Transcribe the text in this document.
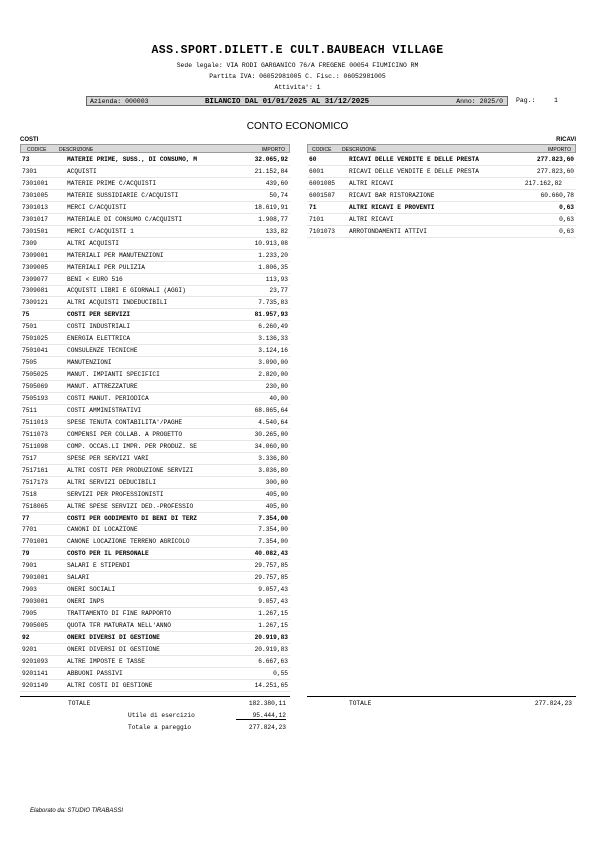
ASS.SPORT.DILETT.E CULT.BAUBEACH VILLAGE
Sede legale: VIA RODI GARGANICO 76/A FREGENE 00054 FIUMICINO RM
Partita IVA: 06052981005 C. Fisc.: 06052981005
Attivita': 1
Azienda: 000003	BILANCIO DAL 01/01/2025 AL 31/12/2025	Anno: 2025/0 Pag.:	1
CONTO ECONOMICO
COSTI	RICAVI
CODICE	DESCRIZIONE	IMPORTO	CODICE DESCRIZIONE	IMPORTO
73	MATERIE PRIME, SUSS., DI CONSUMO, M	32.065,92
7301	ACQUISTI	21.152,84
7301001	MATERIE PRIME C/ACQUISTI	439,60
7301005	MATERIE SUSSIDIARIE C/ACQUISTI	50,74
7301013	MERCI C/ACQUISTI	18.619,91
7301017	MATERIALE DI CONSUMO C/ACQUISTI	1.908,77
7301501	MERCI C/ACQUISTI 1	133,82
7309	ALTRI ACQUISTI	10.913,08
7309001	MATERIALI PER MANUTENZIONI	1.233,20
7309005	MATERIALI PER PULIZIA	1.806,35
7309077	BENI < EURO 516	113,93
7309081	ACQUISTI LIBRI E GIORNALI (AGGI)	23,77
7309121	ALTRI ACQUISTI INDEDUCIBILI	7.735,83
75	COSTI PER SERVIZI	81.957,93
7501	COSTI INDUSTRIALI	6.260,49
7501025	ENERGIA ELETTRICA	3.136,33
7501041	CONSULENZE TECNICHE	3.124,16
7505	MANUTENZIONI	3.090,00
7505025	MANUT. IMPIANTI SPECIFICI	2.820,00
7505069	MANUT. ATTREZZATURE	230,00
7505193	COSTI MANUT. PERIODICA	40,00
7511	COSTI AMMINISTRATIVI	68.865,64
7511013	SPESE TENUTA CONTABILITA'/PAGHE	4.540,64
7511073	COMPENSI PER COLLAB. A PROGETTO	30.265,00
7511098	COMP. OCCAS.LI IMPR. PER PRODUZ. SE	34.060,00
7517	SPESE PER SERVIZI VARI	3.336,80
7517161	ALTRI COSTI PER PRODUZIONE SERVIZI	3.036,80
7517173	ALTRI SERVIZI DEDUCIBILI	300,00
7518	SERVIZI PER PROFESSIONISTI	405,00
7518065	ALTRE SPESE SERVIZI DED.-PROFESSIO	405,00
77	COSTI PER GODIMENTO DI BENI DI TERZ	7.354,00
7701	CANONI DI LOCAZIONE	7.354,00
7701001	CANONE LOCAZIONE TERRENO AGRICOLO	7.354,00
79	COSTO PER IL PERSONALE	40.082,43
7901	SALARI E STIPENDI	29.757,85
7901001	SALARI	29.757,85
7903	ONERI SOCIALI	9.057,43
7903001	ONERI INPS	9.057,43
7905	TRATTAMENTO DI FINE RAPPORTO	1.267,15
7905005	QUOTA TFR MATURATA NELL'ANNO	1.267,15
92	ONERI DIVERSI DI GESTIONE	20.919,83
9201	ONERI DIVERSI DI GESTIONE	20.919,83
9201093	ALTRE IMPOSTE E TASSE	6.667,63
9201141	ABBUONI PASSIVI	0,55
9201149	ALTRI COSTI DI GESTIONE	14.251,65
60	RICAVI DELLE VENDITE E DELLE PRESTA	277.823,60
6001	RICAVI DELLE VENDITE E DELLE PRESTA	277.823,60
6001085 ALTRI RICAVI	217.162,82
6001507 RICAVI BAR RISTORAZIONE	60.660,78
71	ALTRI RICAVI E PROVENTI	0,63
7101	ALTRI RICAVI	0,63
7101073 ARROTONDAMENTI ATTIVI	0,63
TOTALE	182.380,11
Utile di esercizio	95.444,12
Totale a pareggio	277.824,23
TOTALE	277.824,23
Elaborato da: STUDIO TIRABASSI
